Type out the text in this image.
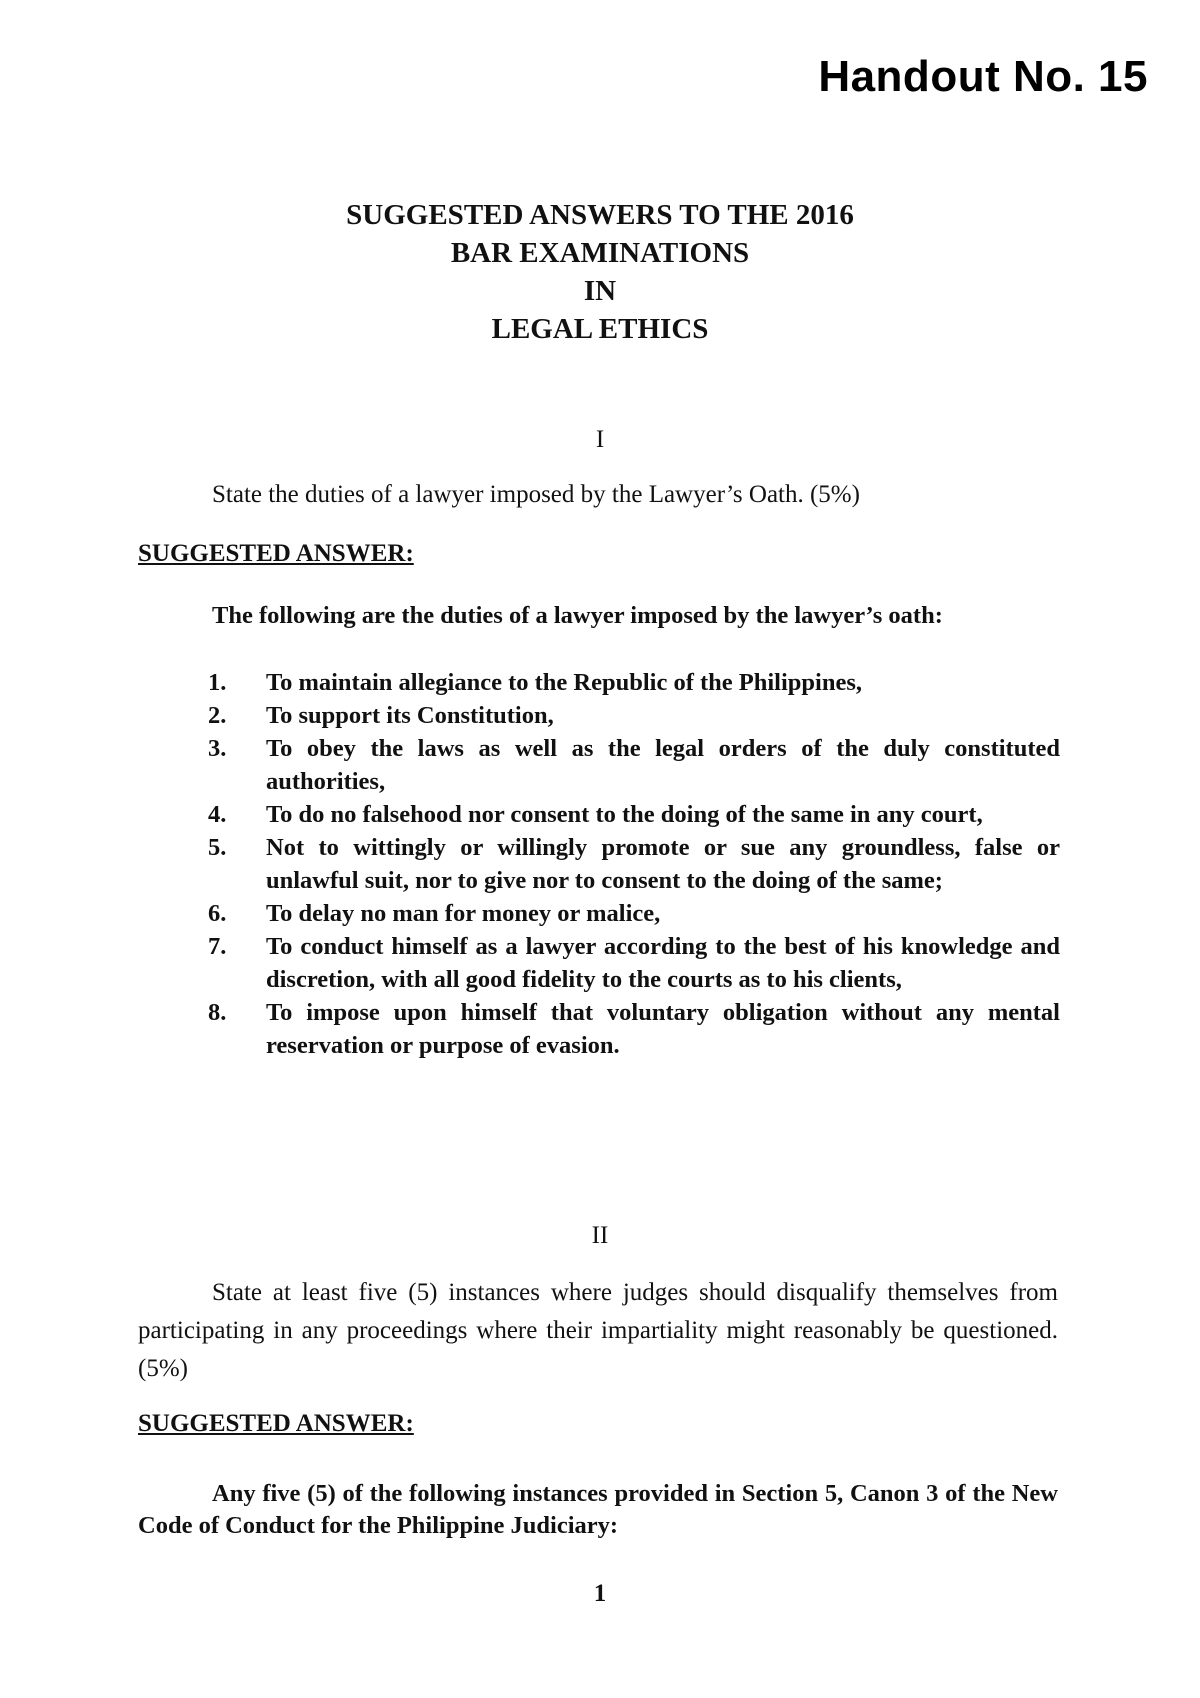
Handout No. 15
SUGGESTED ANSWERS TO THE 2016
BAR EXAMINATIONS
IN
LEGAL ETHICS
I
State the duties of a lawyer imposed by the Lawyer’s Oath. (5%)
SUGGESTED ANSWER:
The following are the duties of a lawyer imposed by the lawyer’s oath:
1.	To maintain allegiance to the Republic of the Philippines,
2.	To support its Constitution,
3.	To obey the laws as well as the legal orders of the duly constituted authorities,
4.	To do no falsehood nor consent to the doing of the same in any court,
5.	Not to wittingly or willingly promote or sue any groundless, false or unlawful suit, nor to give nor to consent to the doing of the same;
6.	To delay no man for money or malice,
7.	To conduct himself as a lawyer according to the best of his knowledge and discretion, with all good fidelity to the courts as to his clients,
8.	To impose upon himself that voluntary obligation without any mental reservation or purpose of evasion.
II
State at least five (5) instances where judges should disqualify themselves from participating in any proceedings where their impartiality might reasonably be questioned. (5%)
SUGGESTED ANSWER:
Any five (5) of the following instances provided in Section 5, Canon 3 of the New Code of Conduct for the Philippine Judiciary:
1
